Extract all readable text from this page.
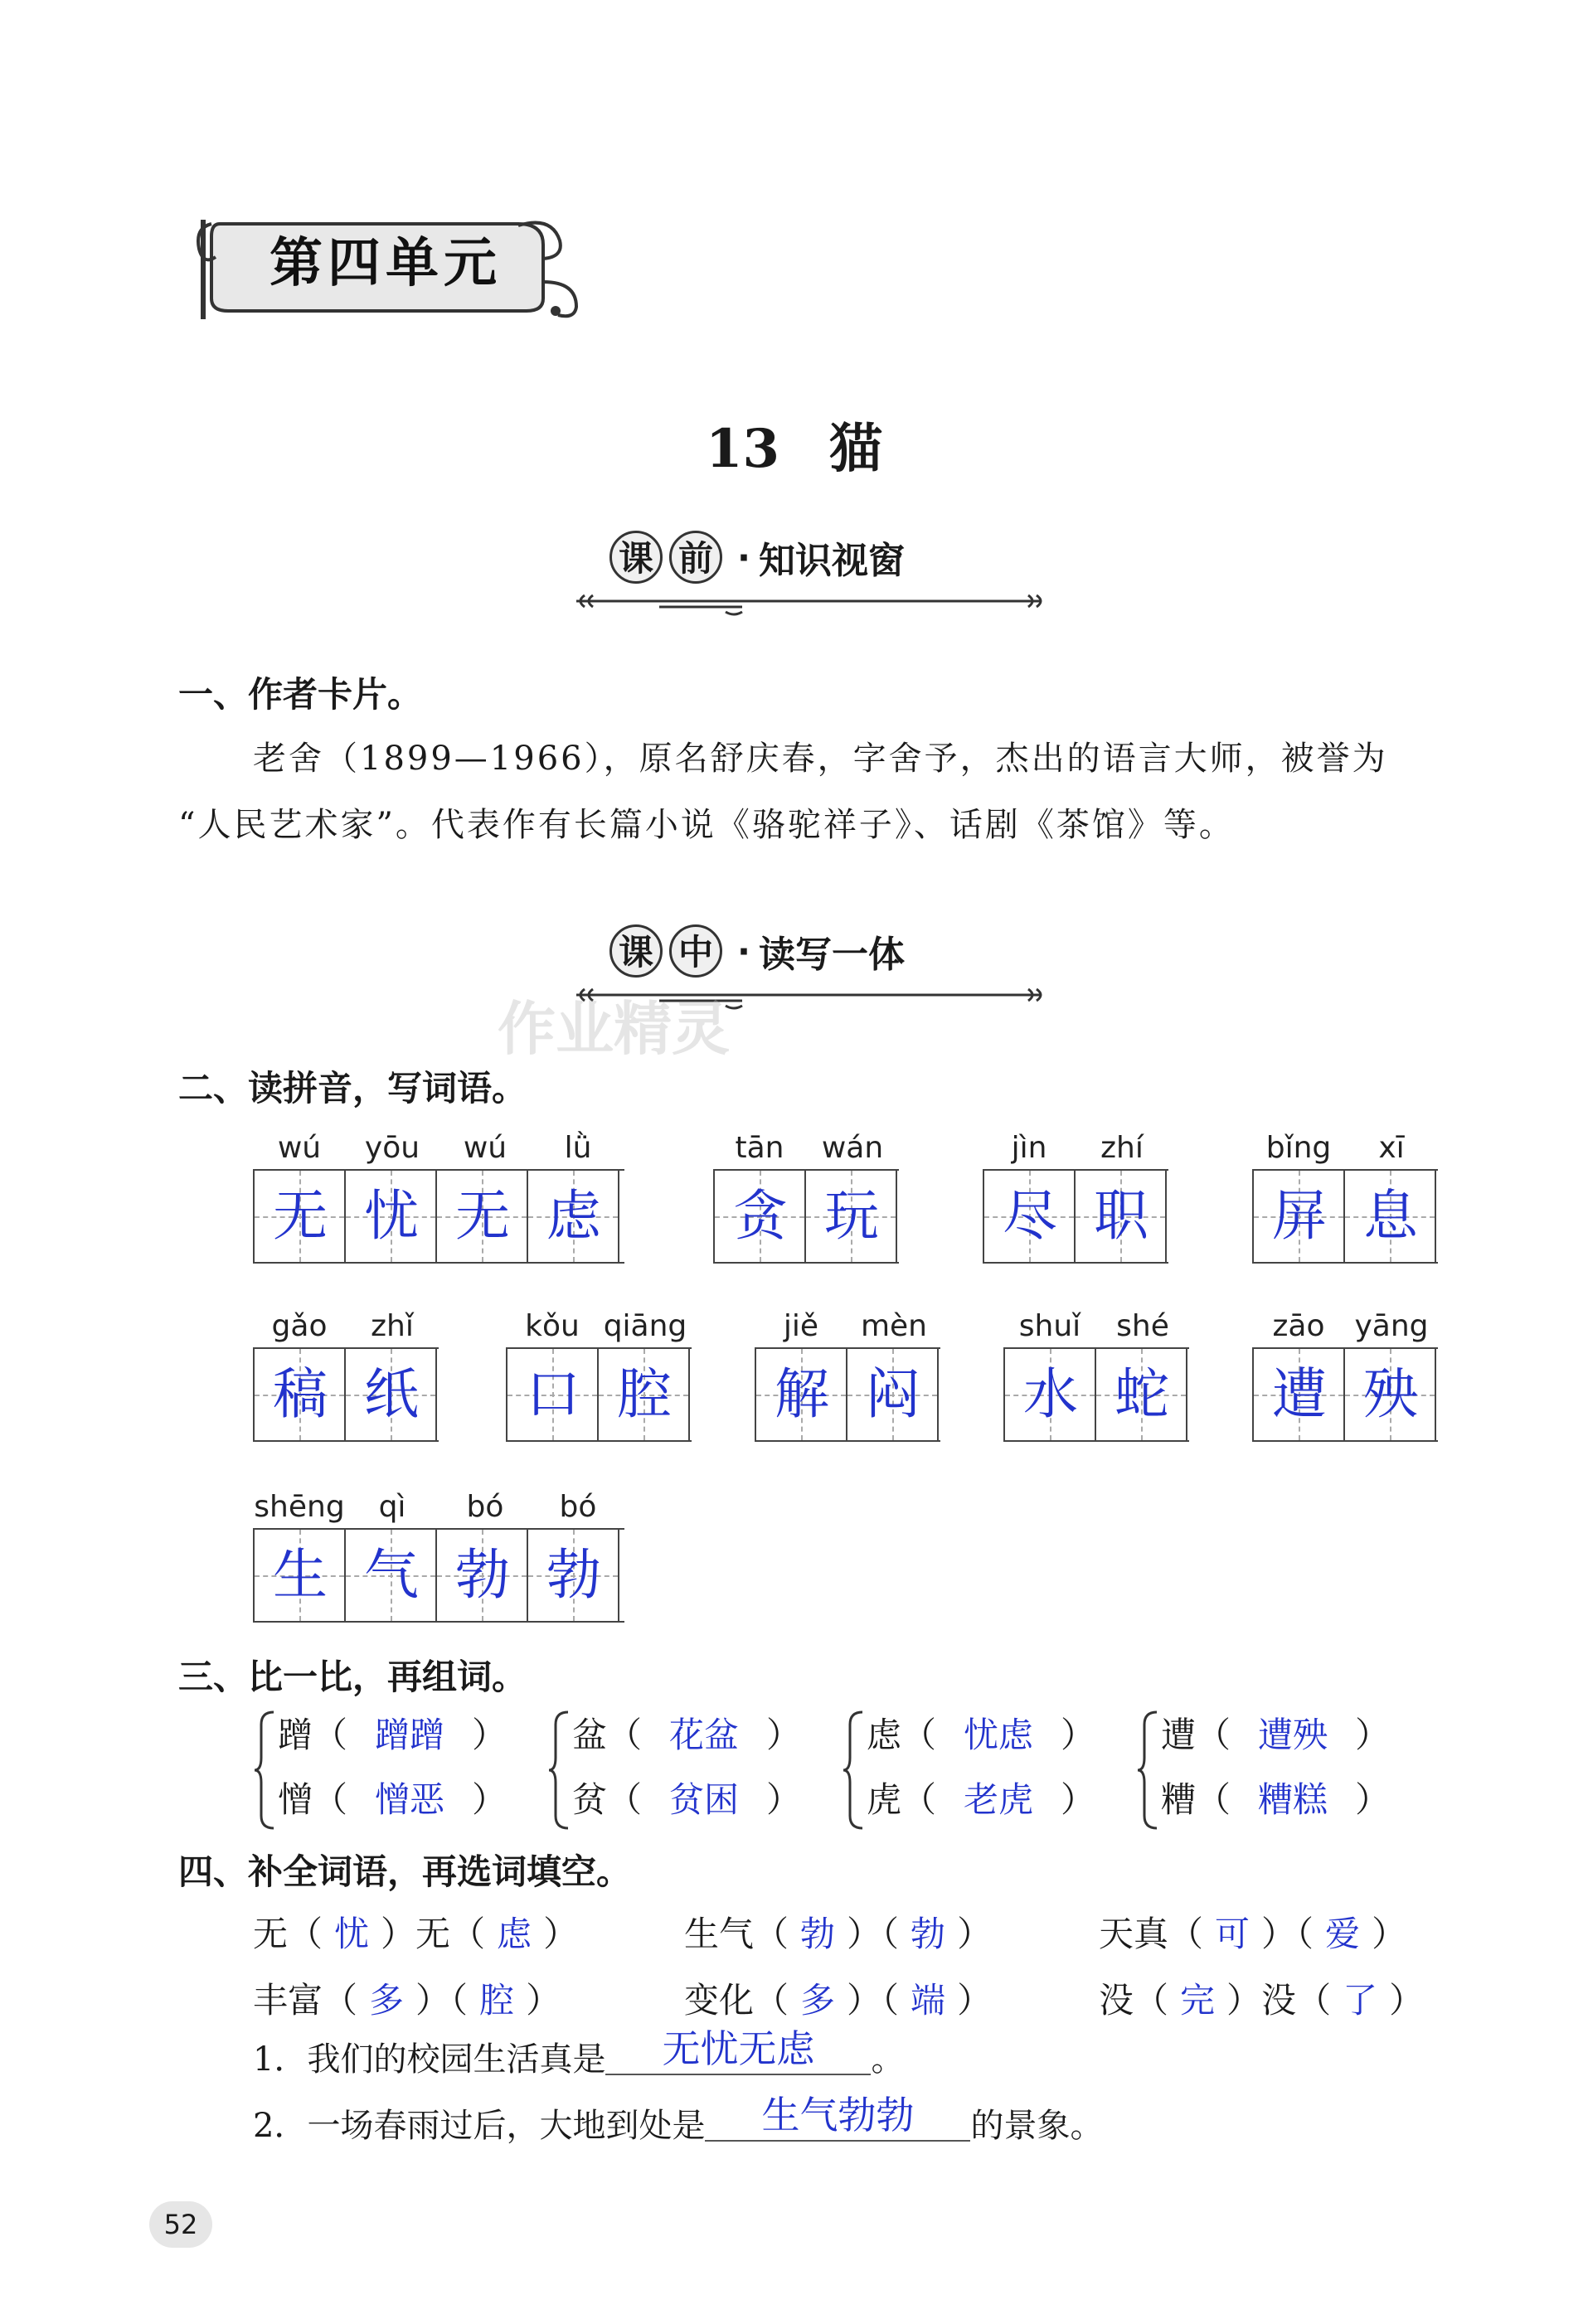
第四单元
13 猫
课 前 · 知识视窗
一、作者卡片。
老舍（1899—1966），原名舒庆春，字舍予，杰出的语言大师，被誉为
“人民艺术家”。代表作有长篇小说《骆驼祥子》、话剧《茶馆》等。
课 中 · 读写一体
作业精灵
二、读拼音，写词语。
wú	yōu	wú	lǜ
无 忧 无 虑
tān	wán
贪 玩
jìn	zhí
尽 职
bǐng	xī
屏 息
gǎo	zhǐ
稿 纸
kǒu qiāng
口 腔
jiě	mèn
解 闷
shuǐ	shé
水 蛇
zāo yāng
遭 殃
shēng	qì	bó	bó
生 气 勃 勃
三、比一比，再组词。
蹭（ 蹭蹭 ）
憎（ 憎恶 ）
盆（ 花盆 ）
贫（ 贫困 ）
虑（ 忧虑 ）
虎（ 老虎 ）
遭（ 遭殃 ）
糟（ 糟糕 ）
四、补全词语，再选词填空。
无（ 忧 ）无（ 虑 ）	生气（ 勃 ）（ 勃 ）	天真（ 可 ）（ 爱 ）
丰富（ 多 ）（ 腔 ）	变化（ 多 ）（ 端 ）	没（ 完 ）没（ 了 ）
1．我们的校园生活真是 无忧无虑 。
2．一场春雨过后，大地到处是 生气勃勃 的景象。
52
